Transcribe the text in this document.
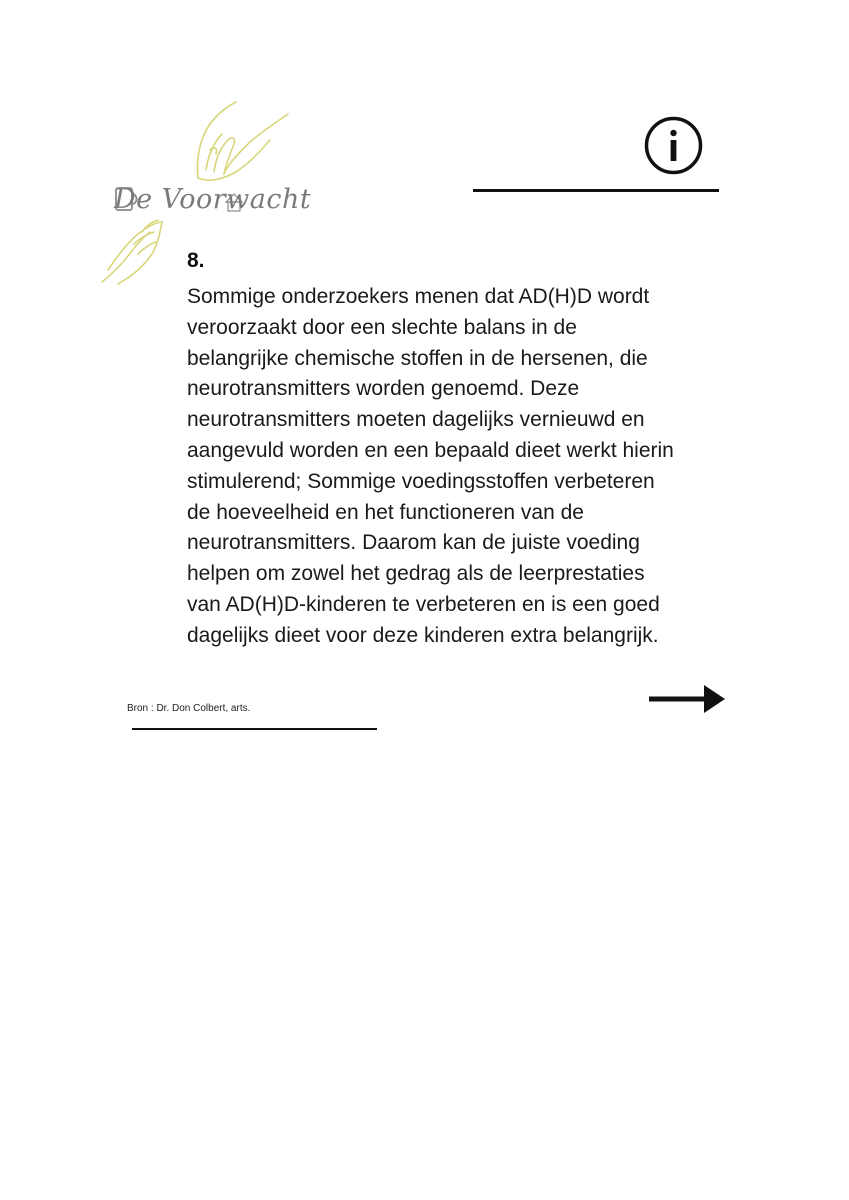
De Voorwacht
8.
Sommige onderzoekers menen dat AD(H)D wordt
veroorzaakt door een slechte balans in de
belangrijke chemische stoffen in de hersenen, die
neurotransmitters worden genoemd. Deze
neurotransmitters moeten dagelijks vernieuwd en
aangevuld worden en een bepaald dieet werkt hierin
stimulerend; Sommige voedingsstoffen verbeteren
de hoeveelheid en het functioneren van de
neurotransmitters. Daarom kan de juiste voeding
helpen om zowel het gedrag als de leerprestaties
van AD(H)D-kinderen te verbeteren en is een goed
dagelijks dieet voor deze kinderen extra belangrijk.
Bron : Dr. Don Colbert, arts.
